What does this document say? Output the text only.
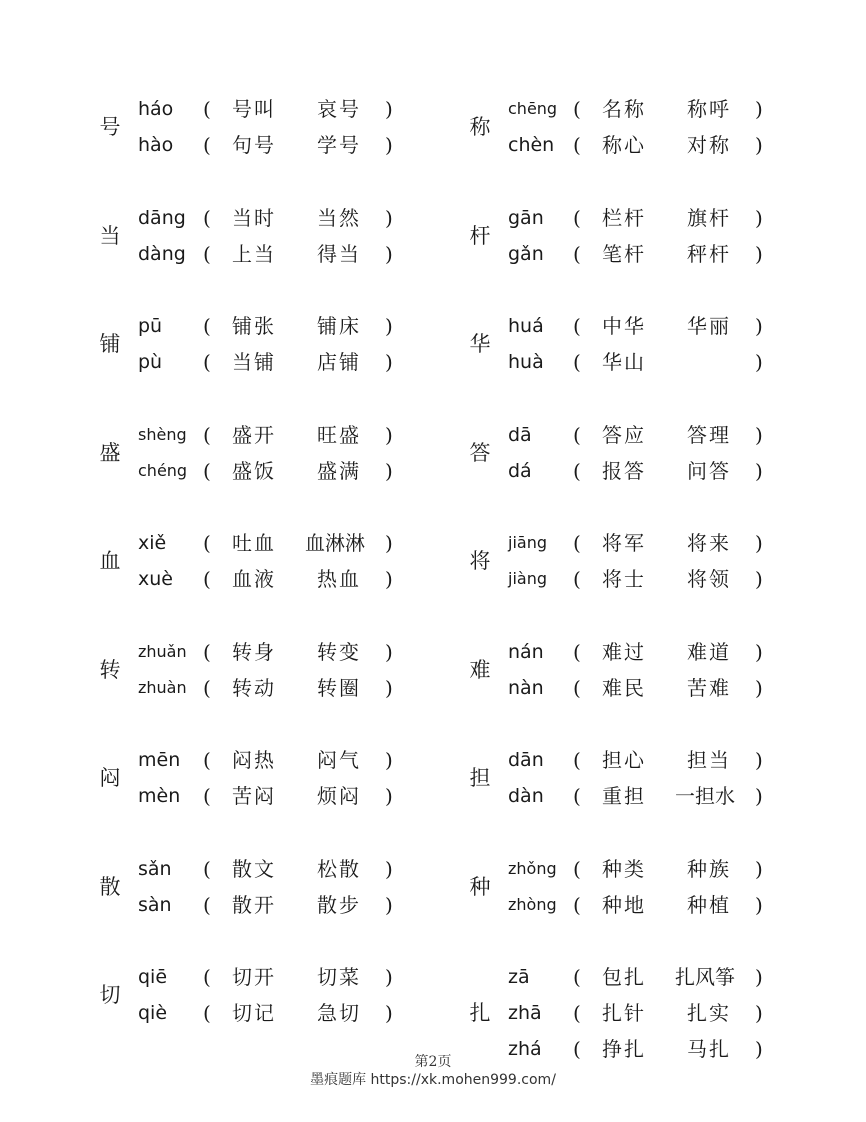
号
háo ( 号叫 哀号 )
hào ( 句号 学号 )
当
dāng ( 当时 当然 )
dàng ( 上当 得当 )
铺
pū ( 铺张 铺床 )
pù ( 当铺 店铺 )
盛
shèng ( 盛开 旺盛 )
chéng ( 盛饭 盛满 )
血
xiě ( 吐血 血淋淋 )
xuè ( 血液 热血 )
转
zhuǎn ( 转身 转变 )
zhuàn ( 转动 转圈 )
闷
mēn ( 闷热 闷气 )
mèn ( 苦闷 烦闷 )
散
sǎn ( 散文 松散 )
sàn ( 散开 散步 )
切
qiē ( 切开 切菜 )
qiè ( 切记 急切 )
称
chēng ( 名称 称呼 )
chèn ( 称心 对称 )
杆
gān ( 栏杆 旗杆 )
gǎn ( 笔杆 秤杆 )
华
huá ( 中华 华丽 )
huà ( 华山	)
答
dā ( 答应 答理 )
dá ( 报答 问答 )
将
jiāng ( 将军 将来 )
jiàng ( 将士 将领 )
难
nán ( 难过 难道 )
nàn ( 难民 苦难 )
担
dān ( 担心 担当 )
dàn ( 重担 一担水 )
种
zhǒng ( 种类 种族 )
zhòng ( 种地 种植 )
扎
zā ( 包扎 扎风筝 )
zhā ( 扎针 扎实 )
zhá ( 挣扎 马扎 )
第2页
墨痕题库 https://xk.mohen999.com/
